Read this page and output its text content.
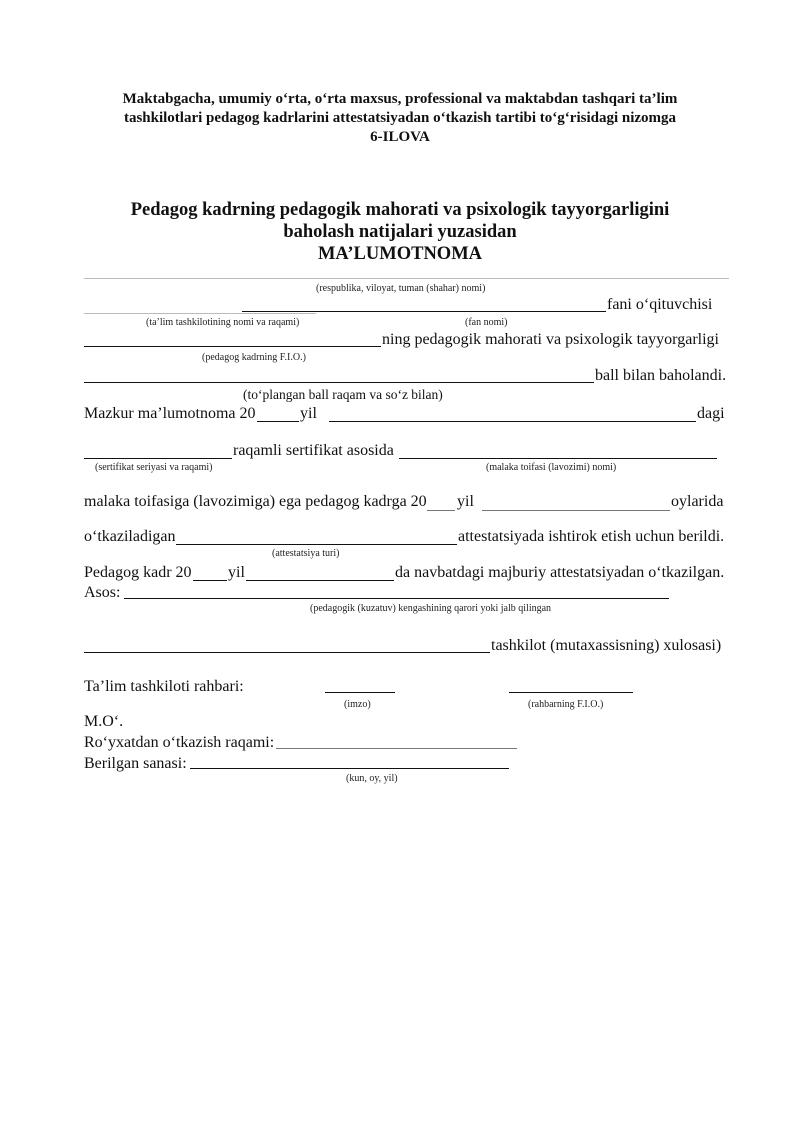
Maktabgacha, umumiy o‘rta, o‘rta maxsus, professional va maktabdan tashqari ta’lim
tashkilotlari pedagog kadrlarini attestatsiyadan o‘tkazish tartibi to‘g‘risidagi nizomga
6-ILOVA
Pedagog kadrning pedagogik mahorati va psixologik tayyorgarligini
baholash natijalari yuzasidan
MA’LUMOTNOMA
(respublika, viloyat, tuman (shahar) nomi)
fani o‘qituvchisi
(ta’lim tashkilotining nomi va raqami)	(fan nomi)
ning pedagogik mahorati va psixologik tayyorgarligi
(pedagog kadrning F.I.O.)
ball bilan baholandi.
(to‘plangan ball raqam va so‘z bilan)
Mazkur ma’lumotnoma 20	yil	dagi
raqamli sertifikat asosida
(sertifikat seriyasi va raqami)	(malaka toifasi (lavozimi) nomi)
malaka toifasiga (lavozimiga) ega pedagog kadrga 20 yil	oylarida
o‘tkaziladigan	attestatsiyada ishtirok etish uchun berildi.
(attestatsiya turi)
Pedagog kadr 20 yil	da navbatdagi majburiy attestatsiyadan o‘tkazilgan.
Asos:
(pedagogik (kuzatuv) kengashining qarori yoki jalb qilingan
tashkilot (mutaxassisning) xulosasi)
Ta’lim tashkiloti rahbari:
(imzo)	(rahbarning F.I.O.)
M.O‘.
Ro‘yxatdan o‘tkazish raqami:
Berilgan sanasi:
(kun, oy, yil)
